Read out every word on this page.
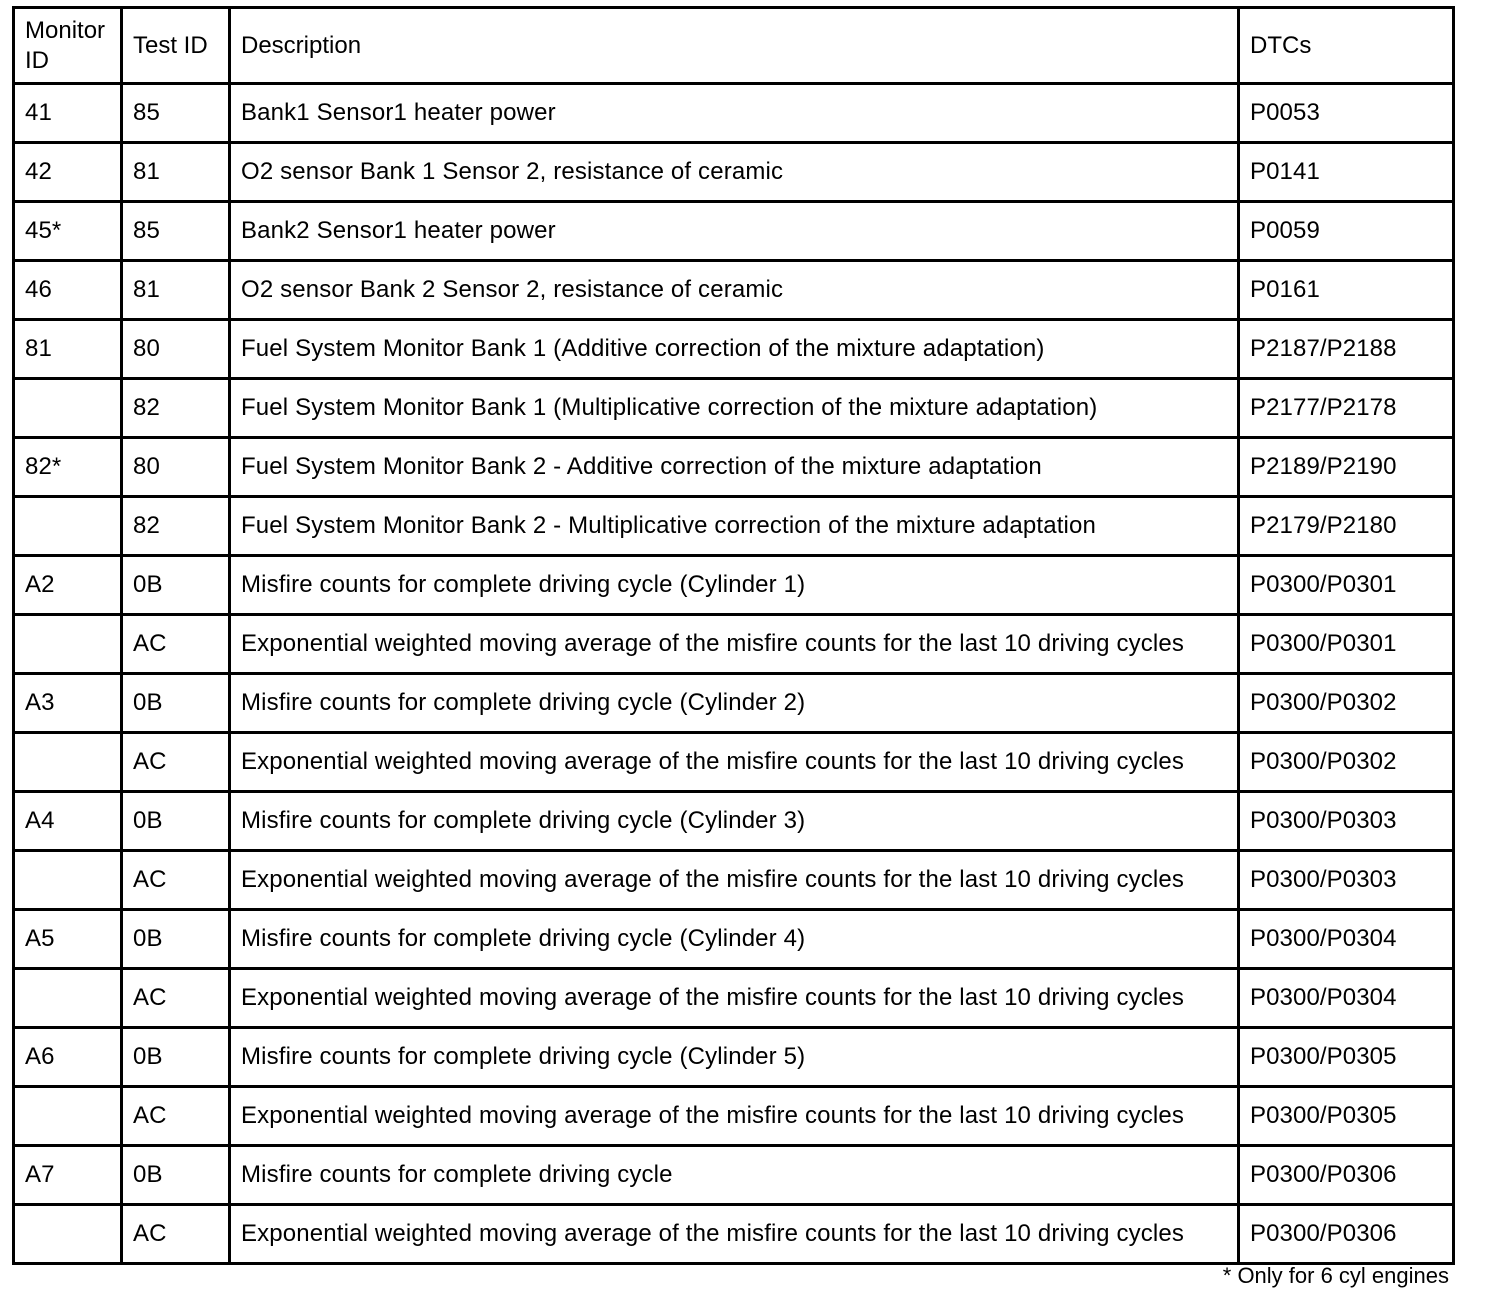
Monitor ID	Test ID	Description	DTCs
41	85	Bank1 Sensor1 heater power	P0053
42	81	O2 sensor Bank 1 Sensor 2, resistance of ceramic	P0141
45*	85	Bank2 Sensor1 heater power	P0059
46	81	O2 sensor Bank 2 Sensor 2, resistance of ceramic	P0161
81	80	Fuel System Monitor Bank 1 (Additive correction of the mixture adaptation)	P2187/P2188
	82	Fuel System Monitor Bank 1 (Multiplicative correction of the mixture adaptation)	P2177/P2178
82*	80	Fuel System Monitor Bank 2 - Additive correction of the mixture adaptation	P2189/P2190
	82	Fuel System Monitor Bank 2 - Multiplicative correction of the mixture adaptation	P2179/P2180
A2	0B	Misfire counts for complete driving cycle (Cylinder 1)	P0300/P0301
	AC	Exponential weighted moving average of the misfire counts for the last 10 driving cycles	P0300/P0301
A3	0B	Misfire counts for complete driving cycle (Cylinder 2)	P0300/P0302
	AC	Exponential weighted moving average of the misfire counts for the last 10 driving cycles	P0300/P0302
A4	0B	Misfire counts for complete driving cycle (Cylinder 3)	P0300/P0303
	AC	Exponential weighted moving average of the misfire counts for the last 10 driving cycles	P0300/P0303
A5	0B	Misfire counts for complete driving cycle (Cylinder 4)	P0300/P0304
	AC	Exponential weighted moving average of the misfire counts for the last 10 driving cycles	P0300/P0304
A6	0B	Misfire counts for complete driving cycle (Cylinder 5)	P0300/P0305
	AC	Exponential weighted moving average of the misfire counts for the last 10 driving cycles	P0300/P0305
A7	0B	Misfire counts for complete driving cycle	P0300/P0306
	AC	Exponential weighted moving average of the misfire counts for the last 10 driving cycles	P0300/P0306
* Only for 6 cyl engines
